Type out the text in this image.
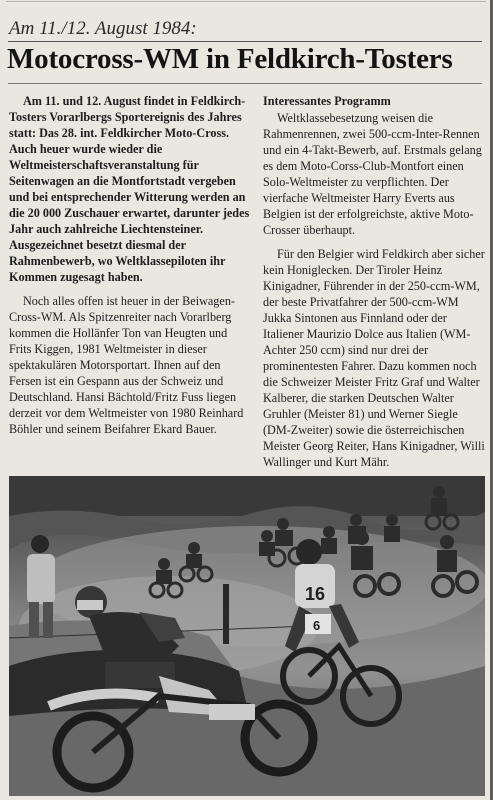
Am 11./12. August 1984:
Motocross-WM in Feldkirch-Tosters

Am 11. und 12. August findet in Feldkirch-Tosters Vorarlbergs Sportereignis des Jahres statt: Das 28. int. Feldkircher Moto-Cross. Auch heuer wurde wieder die Weltmeisterschaftsveranstaltung für Seitenwagen an die Montfortstadt vergeben und bei entsprechender Witterung werden an die 20 000 Zuschauer erwartet, darunter jedes Jahr auch zahlreiche Liechtensteiner. Ausgezeichnet besetzt diesmal der Rahmenbewerb, wo Weltklassepiloten ihr Kommen zugesagt haben.

Noch alles offen ist heuer in der Beiwagen-Cross-WM. Als Spitzenreiter nach Vorarlberg kommen die Hollänfer Ton van Heugten und Frits Kiggen, 1981 Weltmeister in dieser spektakulären Motorsportart. Ihnen auf den Fersen ist ein Gespann aus der Schweiz und Deutschland. Hansi Bächtold/Fritz Fuss liegen derzeit vor dem Weltmeister von 1980 Reinhard Böhler und seinem Beifahrer Ekard Bauer.

Interessantes Programm

Weltklassebesetzung weisen die Rahmenrennen, zwei 500-ccm-Inter-Rennen und ein 4-Takt-Bewerb, auf. Erstmals gelang es dem Moto-Corss-Club-Montfort einen Solo-Weltmeister zu verpflichten. Der vierfache Weltmeister Harry Everts aus Belgien ist der erfolgreichste, aktive Moto-Crosser überhaupt.

Für den Belgier wird Feldkirch aber sicher kein Honiglecken. Der Tiroler Heinz Kinigadner, Führender in der 250-ccm-WM, der beste Privatfahrer der 500-ccm-WM Jukka Sintonen aus Finnland oder der Italiener Maurizio Dolce aus Italien (WM-Achter 250 ccm) sind nur drei der prominentesten Fahrer. Dazu kommen noch die Schweizer Meister Fritz Graf und Walter Kalberer, die starken Deutschen Walter Gruhler (Meister 81) und Werner Siegle (DM-Zweiter) sowie die österreichischen Meister Georg Reiter, Hans Kinigadner, Willi Wallinger und Kurt Mähr.

16
6
